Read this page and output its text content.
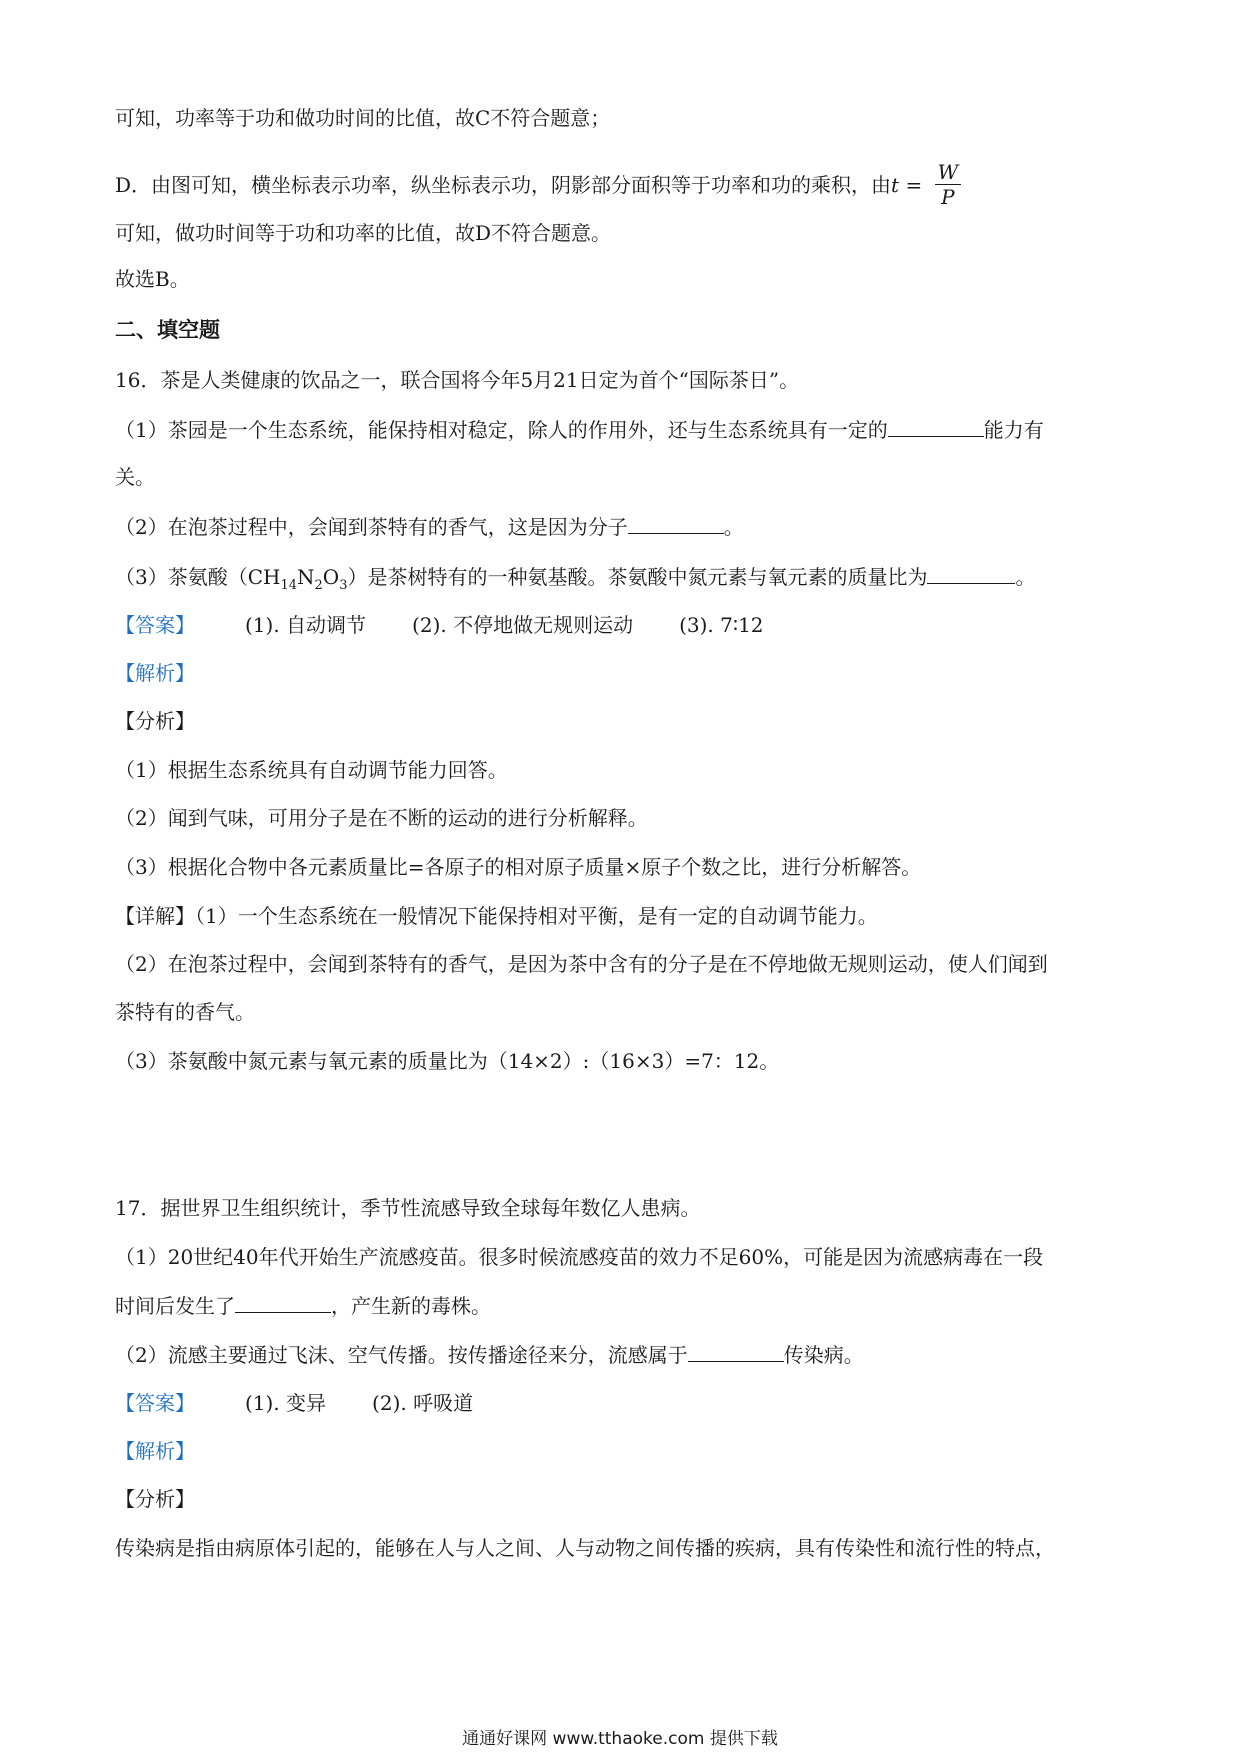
可知，功率等于功和做功时间的比值，故C不符合题意；
D．由图可知，横坐标表示功率，纵坐标表示功，阴影部分面积等于功率和功的乘积，由$t = \frac{W}{P}$
可知，做功时间等于功和功率的比值，故D不符合题意。
故选B。
二、填空题
16．茶是人类健康的饮品之一，联合国将今年5月21日定为首个“国际茶日”。
（1）茶园是一个生态系统，能保持相对稳定，除人的作用外，还与生态系统具有一定的	能力有
关。
（2）在泡茶过程中，会闻到茶特有的香气，这是因为分子	。
（3）茶氨酸$(CH_{14}N_2O_3)$是茶树特有的一种氨基酸。茶氨酸中氮元素与氧元素的质量比为	。
【答案】	(1). 自动调节 (2). 不停地做无规则运动 (3). 7∶12
【解析】
【分析】
（1）根据生态系统具有自动调节能力回答。
（2）闻到气味，可用分子是在不断的运动的进行分析解释。
（3）根据化合物中各元素质量比=各原子的相对原子质量×原子个数之比，进行分析解答。
【详解】（1）一个生态系统在一般情况下能保持相对平衡，是有一定的自动调节能力。
（2）在泡茶过程中，会闻到茶特有的香气，是因为茶中含有的分子是在不停地做无规则运动，使人们闻到
茶特有的香气。
（3）茶氨酸中氮元素与氧元素的质量比为（14×2）:（16×3）=7：12。
17．据世界卫生组织统计，季节性流感导致全球每年数亿人患病。
（1）20世纪40年代开始生产流感疫苗。很多时候流感疫苗的效力不足60%，可能是因为流感病毒在一段
时间后发生了	，产生新的毒株。
（2）流感主要通过飞沫、空气传播。按传播途径来分，流感属于	传染病。
【答案】	(1). 变异 (2). 呼吸道
【解析】
【分析】
传染病是指由病原体引起的，能够在人与人之间、人与动物之间传播的疾病，具有传染性和流行性的特点，
通通好课网 www.tthaoke.com 提供下载
